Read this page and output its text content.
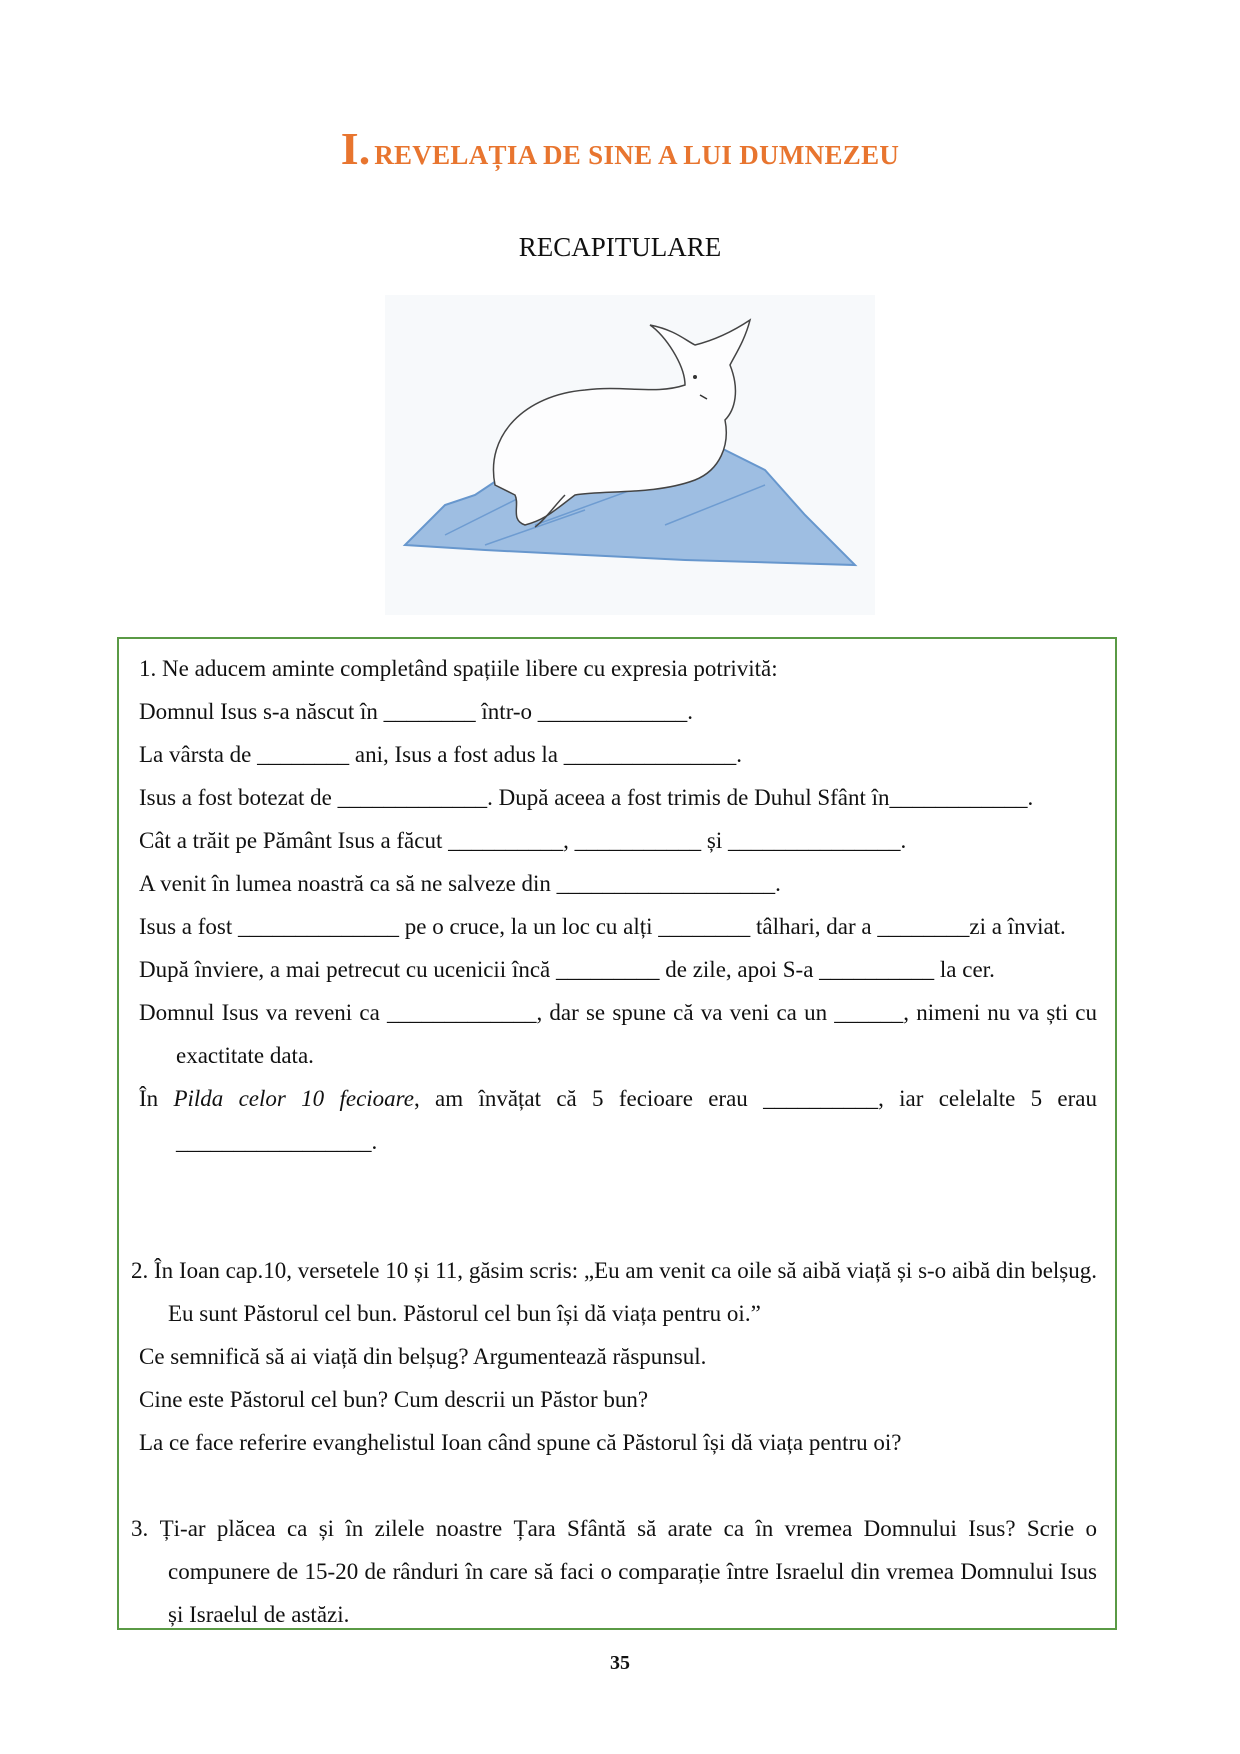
I. REVELAȚIA DE SINE A LUI DUMNEZEU
RECAPITULARE

1. Ne aducem aminte completând spațiile libere cu expresia potrivită:

Domnul Isus s-a născut în ________ într-o _____________.

La vârsta de ________ ani, Isus a fost adus la _______________.

Isus a fost botezat de _____________. După aceea a fost trimis de Duhul Sfânt în____________.

Cât a trăit pe Pământ Isus a făcut __________, ___________ și _______________.

A venit în lumea noastră ca să ne salveze din ___________________.

Isus a fost ______________ pe o cruce, la un loc cu alți ________ tâlhari, dar a ________zi a înviat.

După înviere, a mai petrecut cu ucenicii încă _________ de zile, apoi S-a __________ la cer.

Domnul Isus va reveni ca _____________, dar se spune că va veni ca un ______, nimeni nu va ști cu exactitate data.

În Pilda celor 10 fecioare, am învățat că 5 fecioare erau __________, iar celelalte 5 erau _________________.

2. În Ioan cap.10, versetele 10 și 11, găsim scris: „Eu am venit ca oile să aibă viață și s-o aibă din belșug. Eu sunt Păstorul cel bun. Păstorul cel bun își dă viața pentru oi.”

Ce semnifică să ai viață din belșug? Argumentează răspunsul.

Cine este Păstorul cel bun? Cum descrii un Păstor bun?

La ce face referire evanghelistul Ioan când spune că Păstorul își dă viața pentru oi?

3. Ți-ar plăcea ca și în zilele noastre Țara Sfântă să arate ca în vremea Domnului Isus? Scrie o compunere de 15-20 de rânduri în care să faci o comparație între Israelul din vremea Domnului Isus și Israelul de astăzi.

35
